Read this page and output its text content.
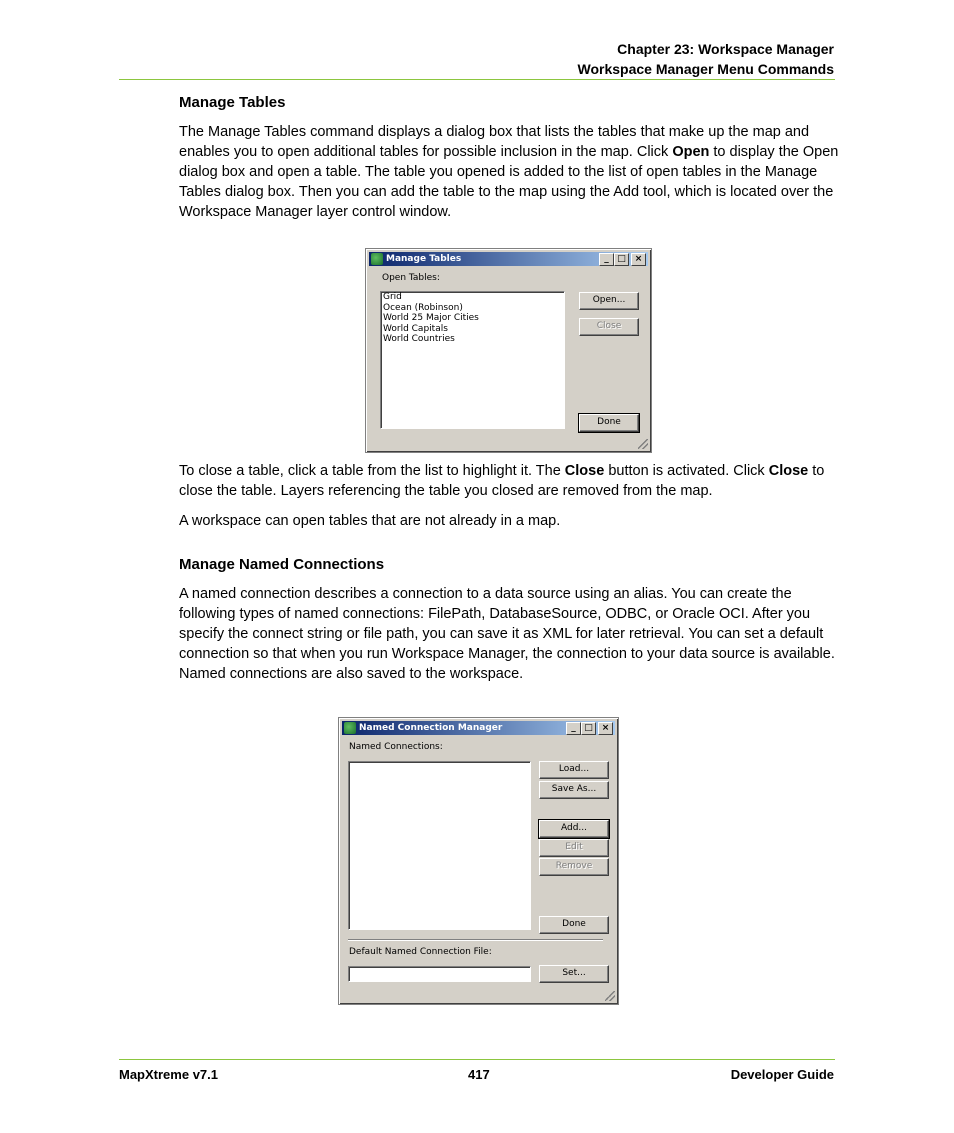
Chapter 23: Workspace Manager
Workspace Manager Menu Commands
Manage Tables
The Manage Tables command displays a dialog box that lists the tables that make up the map and enables you to open additional tables for possible inclusion in the map. Click Open to display the Open dialog box and open a table. The table you opened is added to the list of open tables in the Manage Tables dialog box. Then you can add the table to the map using the Add tool, which is located over the Workspace Manager layer control window.
Manage Tables	_ □ ×
Open Tables:
Grid
Ocean (Robinson)
World 25 Major Cities
World Capitals
World Countries
Open...
Close
Done
To close a table, click a table from the list to highlight it. The Close button is activated. Click Close to close the table. Layers referencing the table you closed are removed from the map.
A workspace can open tables that are not already in a map.
Manage Named Connections
A named connection describes a connection to a data source using an alias. You can create the following types of named connections: FilePath, DatabaseSource, ODBC, or Oracle OCI. After you specify the connect string or file path, you can save it as XML for later retrieval. You can set a default connection so that when you run Workspace Manager, the connection to your data source is available. Named connections are also saved to the workspace.
Named Connection Manager	_ □ ×
Named Connections:
Load...
Save As...
Add...
Edit
Remove
Done
Default Named Connection File:
Set...
MapXtreme v7.1	417	Developer Guide
